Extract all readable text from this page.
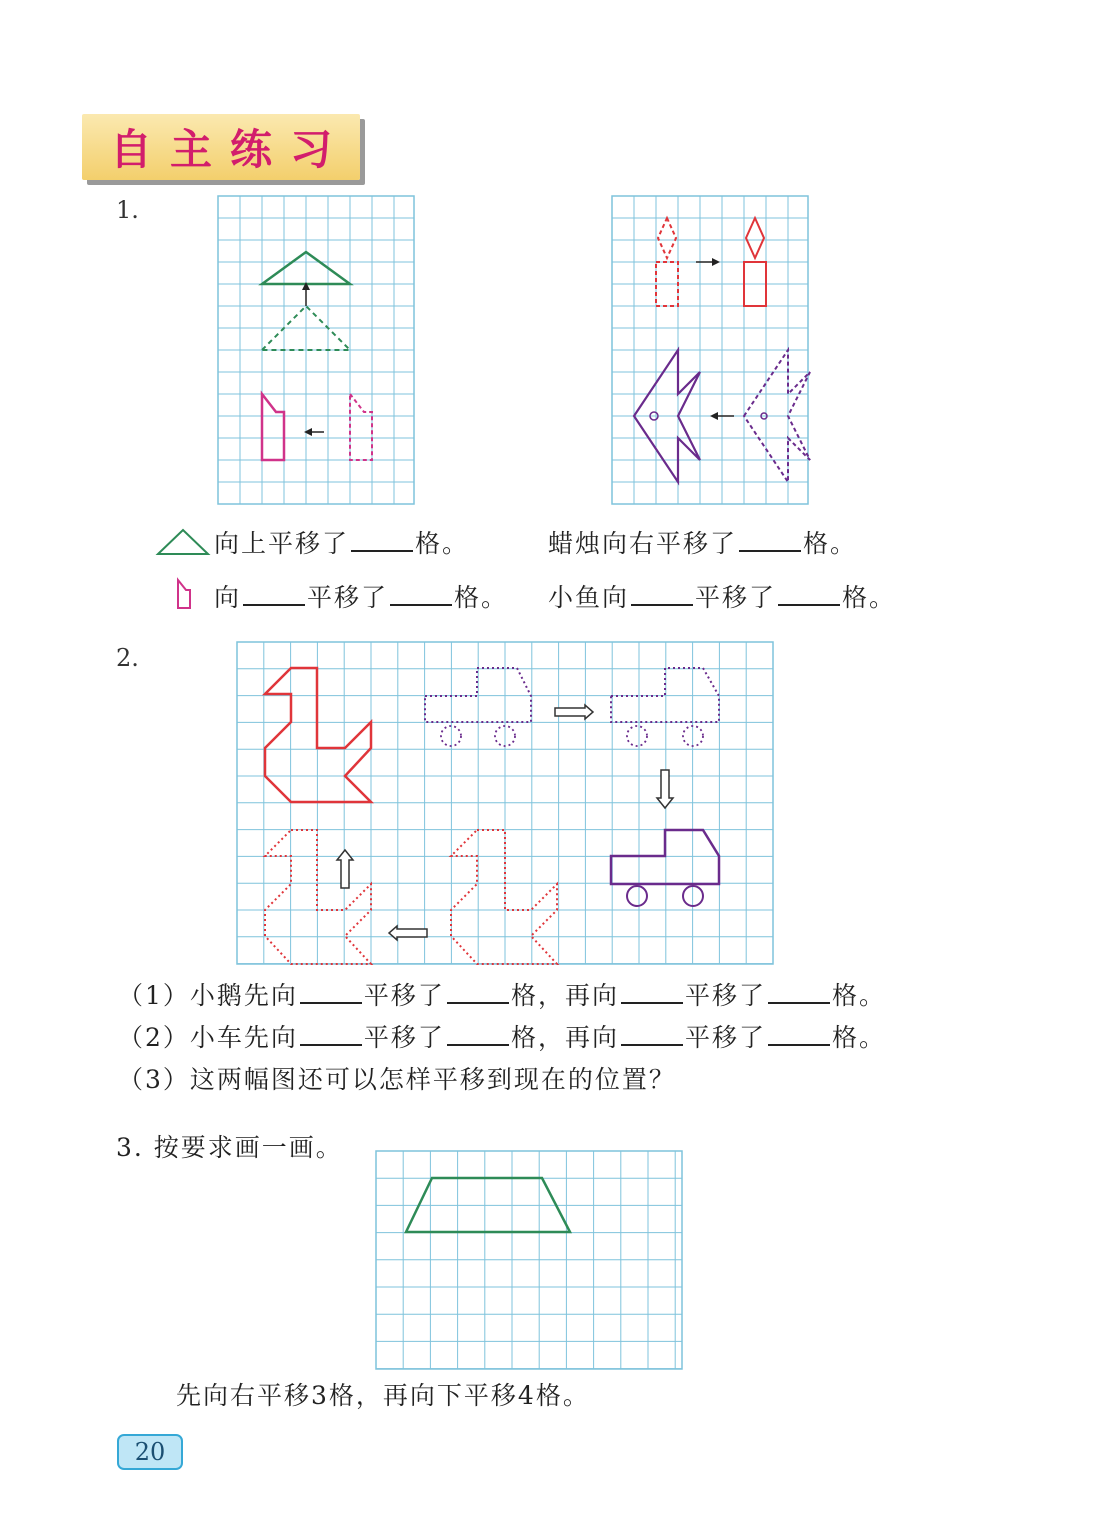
自主练习
1.
向上平移了	格。	蜡烛向右平移了	格。
向	平移了	格。 小鱼向	平移了	格。
2.
（1）小鹅先向	平移了	格，再向	平移了	格。
（2）小车先向	平移了	格，再向	平移了	格。
（3）这两幅图还可以怎样平移到现在的位置？
3. 按要求画一画。
先向右平移3格，再向下平移4格。
20
